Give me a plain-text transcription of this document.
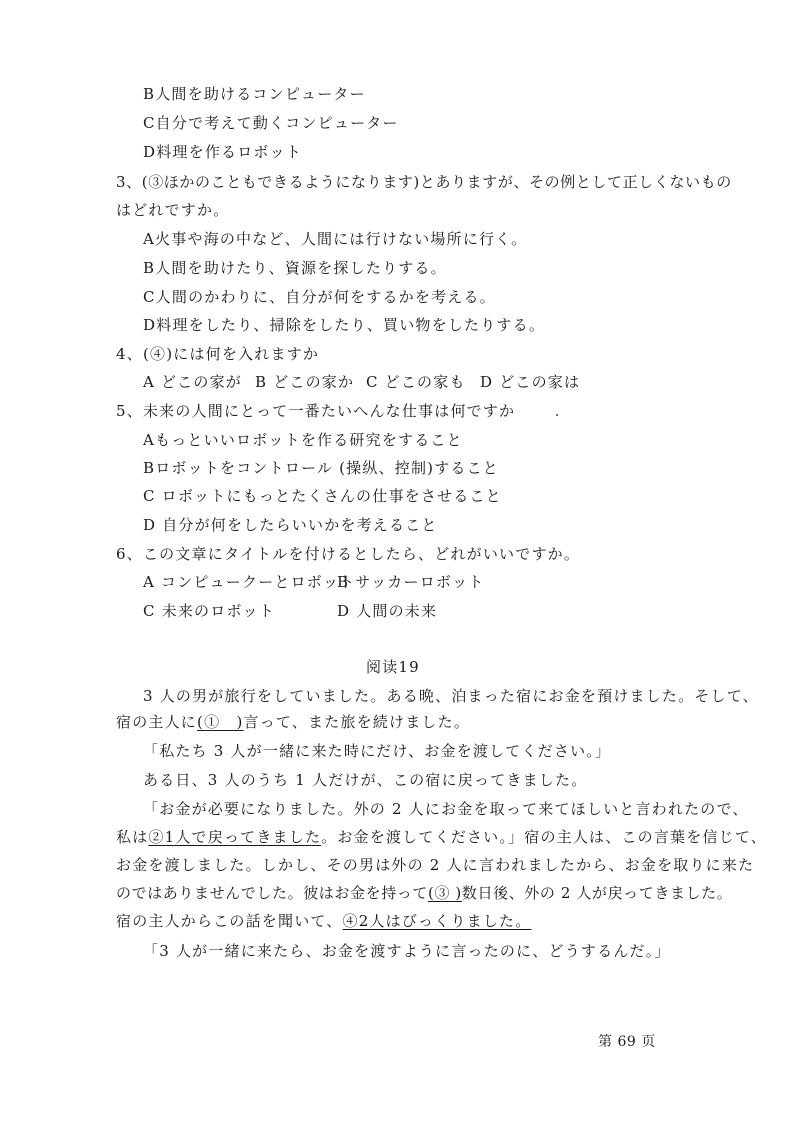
B人間を助けるコンピューター
C自分で考えて動くコンピューター
D料理を作るロボット
3、(③ほかのこともできるようになります)とありますが、その例として正しくないもの
はどれですか。
A火事や海の中など、人間には行けない場所に行く。
B人間を助けたり、資源を探したりする。
C人間のかわりに、自分が何をするかを考える。
D料理をしたり、掃除をしたり、買い物をしたりする。
4、(④)には何を入れますか
A どこの家が B どこの家か C どこの家も D どこの家は
5、未来の人間にとって一番たいへんな仕事は何ですか
Aもっといいロボットを作る研究をすること
Bロボットをコントロール (操纵、控制)すること
C ロボットにもっとたくさんの仕事をさせること
D 自分が何をしたらいいかを考えること
6、この文章にタイトルを付けるとしたら、どれがいいですか。
A コンピュークーとロボット
B サッカーロボット
C 未来のロボット	D 人間の未来
阅读19
3 人の男が旅行をしていました。ある晩、泊まった宿にお金を預けました。そして、
宿の主人に(①　)言って、また旅を続けました。
「私たち 3 人が一緒に来た時にだけ、お金を渡してください。」
ある日、3 人のうち 1 人だけが、この宿に戻ってきました。
「お金が必要になりました。外の 2 人にお金を取って来てほしいと言われたので、
私は②1人で戻ってきました。お金を渡してください。」宿の主人は、この言葉を信じて、
お金を渡しました。しかし、その男は外の 2 人に言われましたから、お金を取りに来た
のではありませんでした。彼はお金を持って(③ )数日後、外の 2 人が戻ってきました。
宿の主人からこの話を聞いて、④2人はびっくりました。
「3 人が一緒に来たら、お金を渡すように言ったのに、どうするんだ。」
第 69 页
